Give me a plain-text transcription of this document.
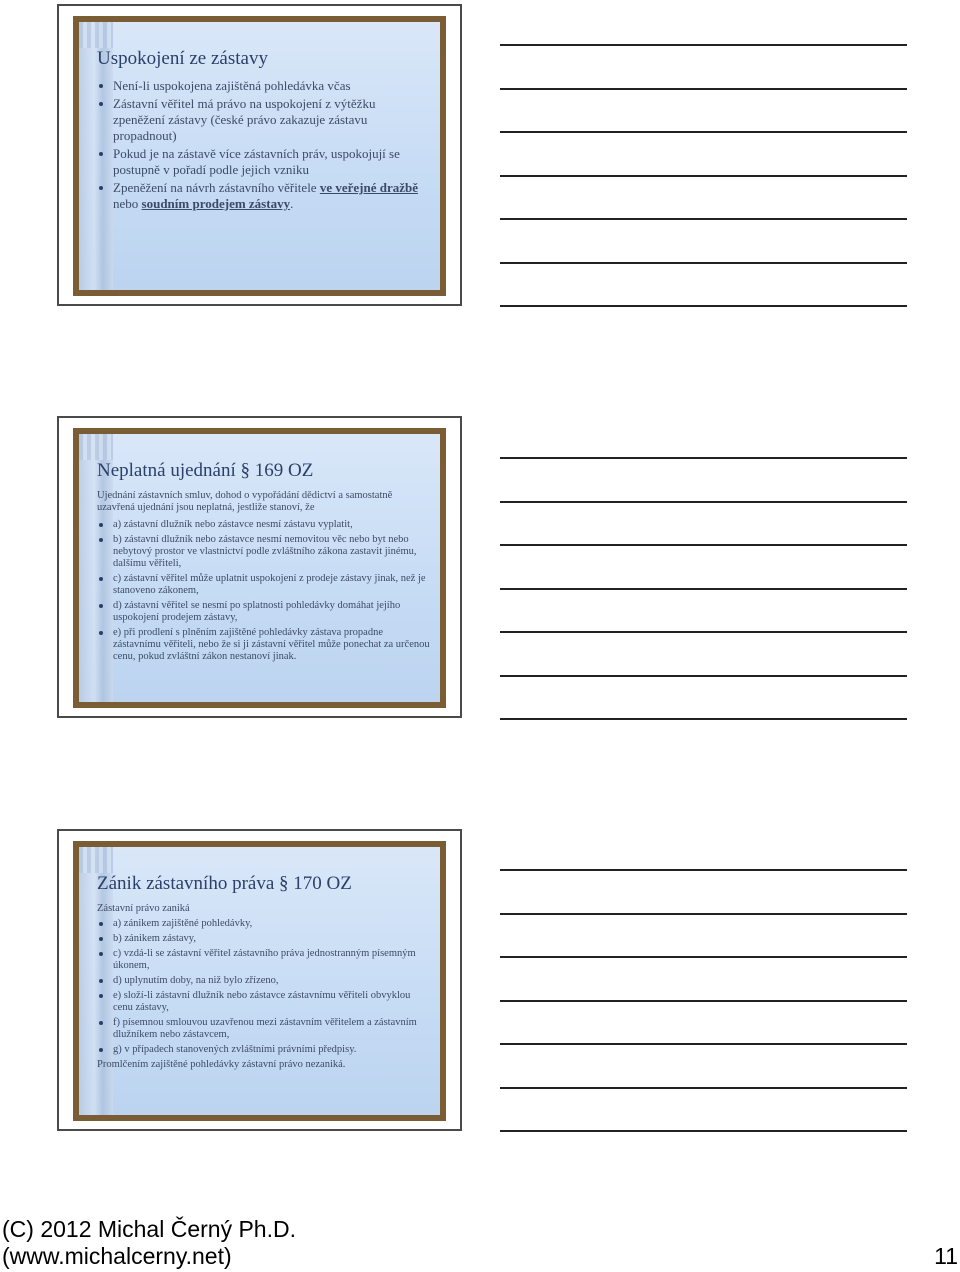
Uspokojení ze zástavy
Není-li uspokojena zajištěná pohledávka včas
Zástavní věřitel má právo na uspokojení z výtěžku zpeněžení zástavy (české právo zakazuje zástavu propadnout)
Pokud je na zástavě více zástavních práv, uspokojují se postupně v pořadí podle jejich vzniku
Zpeněžení na návrh zástavního věřitele ve veřejné dražbě nebo soudním prodejem zástavy.
Neplatná ujednání § 169 OZ

Ujednání zástavních smluv, dohod o vypořádání dědictví a samostatně uzavřená ujednání jsou neplatná, jestliže stanoví, že

a) zástavní dlužník nebo zástavce nesmí zástavu vyplatit,
b) zástavní dlužník nebo zástavce nesmí nemovitou věc nebo byt nebo nebytový prostor ve vlastnictví podle zvláštního zákona zastavit jinému, dalšímu věřiteli,
c) zástavní věřitel může uplatnit uspokojení z prodeje zástavy jinak, než je stanoveno zákonem,
d) zástavní věřitel se nesmí po splatnosti pohledávky domáhat jejího uspokojení prodejem zástavy,
e) při prodlení s plněním zajištěné pohledávky zástava propadne zástavnímu věřiteli, nebo že si ji zástavní věřitel může ponechat za určenou cenu, pokud zvláštní zákon nestanoví jinak.
Zánik zástavního práva § 170 OZ

Zástavní právo zaniká

a) zánikem zajištěné pohledávky,
b) zánikem zástavy,
c) vzdá-li se zástavní věřitel zástavního práva jednostranným písemným úkonem,
d) uplynutím doby, na niž bylo zřízeno,
e) složí-li zástavní dlužník nebo zástavce zástavnímu věřiteli obvyklou cenu zástavy,
f) písemnou smlouvou uzavřenou mezi zástavním věřitelem a zástavním dlužníkem nebo zástavcem,
g) v případech stanovených zvláštními právními předpisy.

Promlčením zajištěné pohledávky zástavní právo nezaniká.

(C) 2012 Michal Černý Ph.D.
(www.michalcerny.net)	11
